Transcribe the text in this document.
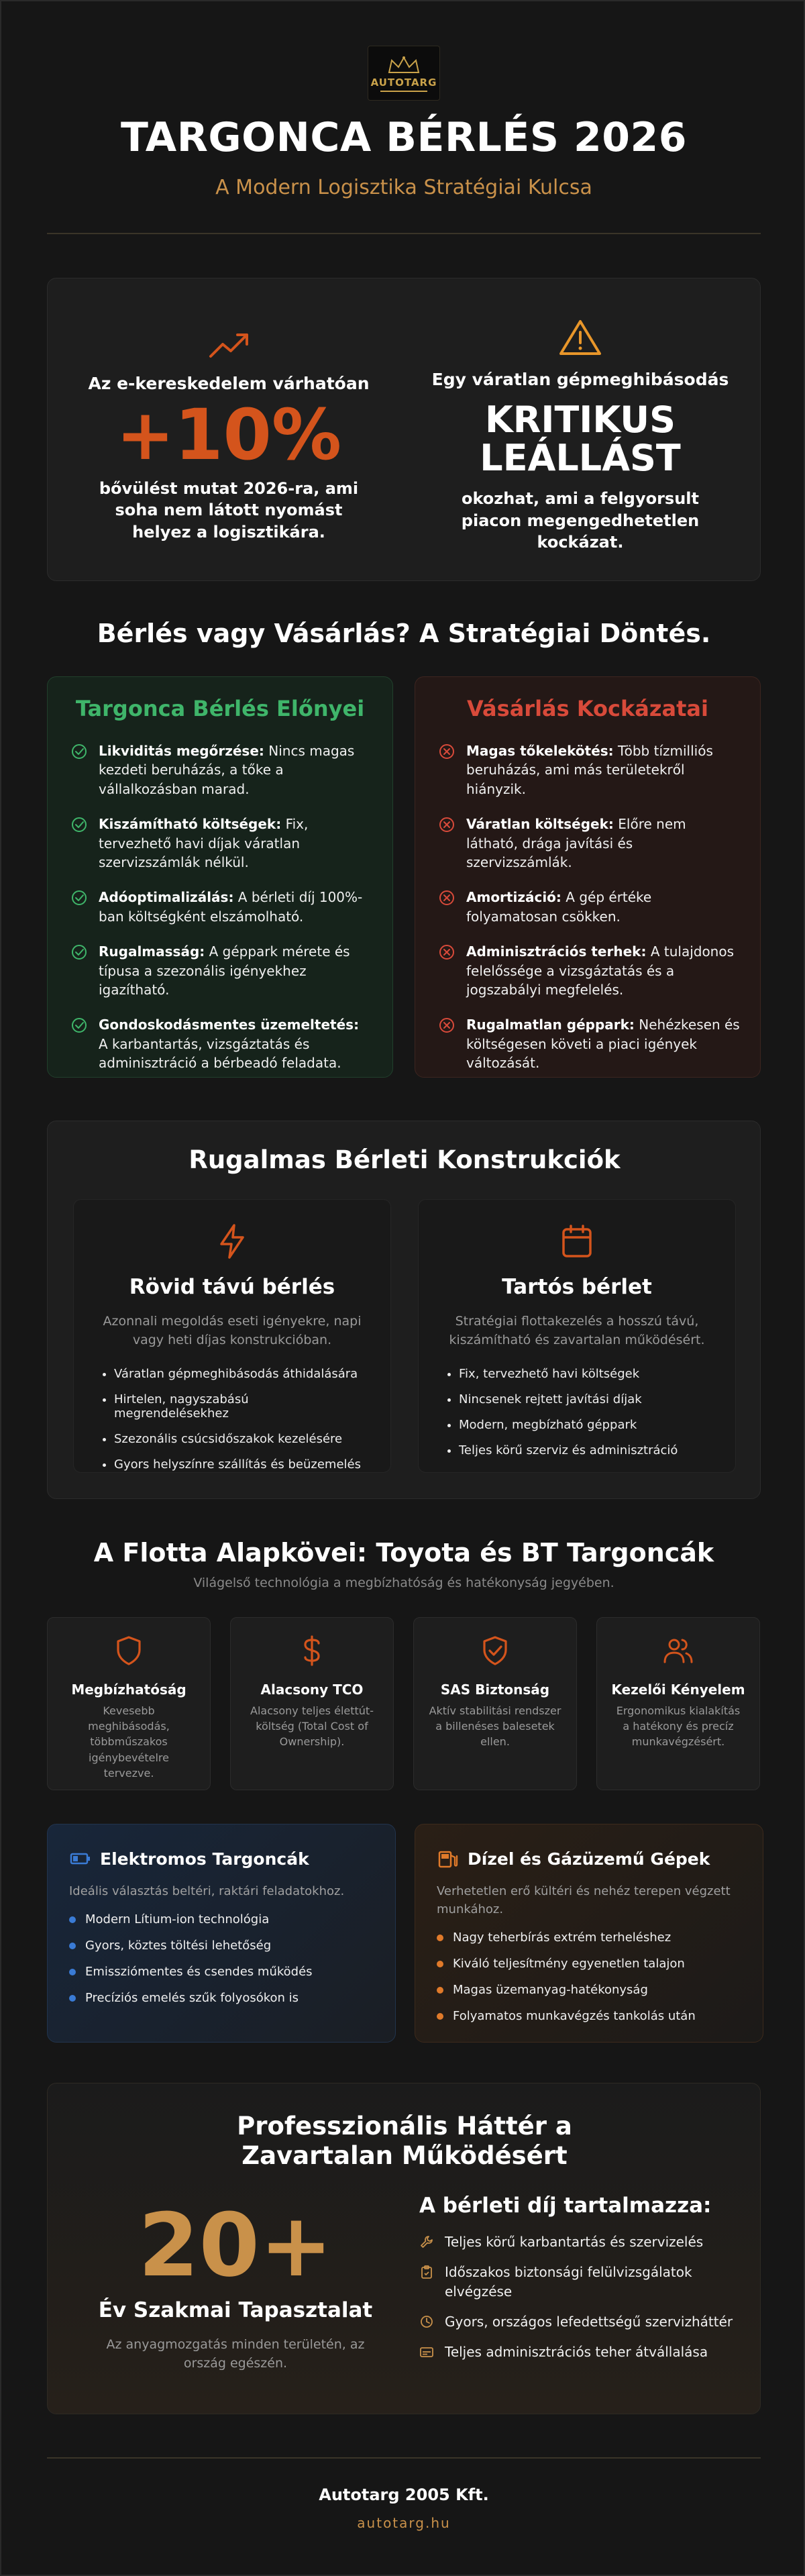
AUTOTARG
TARGONCA BÉRLÉS 2026
A Modern Logisztika Stratégiai Kulcsa
Az e-kereskedelem várhatóan
+10%
bővülést mutat 2026-ra, ami soha nem látott nyomást helyez a logisztikára.
Egy váratlan gépmeghibásodás
KRITIKUS LEÁLLÁST
okozhat, ami a felgyorsult piacon megengedhetetlen kockázat.
Bérlés vagy Vásárlás? A Stratégiai Döntés.
Targonca Bérlés Előnyei
Likviditás megőrzése: Nincs magas kezdeti beruházás, a tőke a vállalkozásban marad.
Kiszámítható költségek: Fix, tervezhető havi díjak váratlan szervizszámlák nélkül.
Adóoptimalizálás: A bérleti díj 100%-ban költségként elszámolható.
Rugalmasság: A géppark mérete és típusa a szezonális igényekhez igazítható.
Gondoskodásmentes üzemeltetés: A karbantartás, vizsgáztatás és adminisztráció a bérbeadó feladata.
Vásárlás Kockázatai
Magas tőkelekötés: Több tízmilliós beruházás, ami más területekről hiányzik.
Váratlan költségek: Előre nem látható, drága javítási és szervizszámlák.
Amortizáció: A gép értéke folyamatosan csökken.
Adminisztrációs terhek: A tulajdonos felelőssége a vizsgáztatás és a jogszabályi megfelelés.
Rugalmatlan géppark: Nehézkesen és költségesen követi a piaci igények változását.
Rugalmas Bérleti Konstrukciók
Rövid távú bérlés
Azonnali megoldás eseti igényekre, napi vagy heti díjas konstrukcióban.
• Váratlan gépmeghibásodás áthidalására
• Hirtelen, nagyszabású megrendelésekhez
• Szezonális csúcsidőszakok kezelésére
• Gyors helyszínre szállítás és beüzemelés
Tartós bérlet
Stratégiai flottakezelés a hosszú távú, kiszámítható és zavartalan működésért.
• Fix, tervezhető havi költségek
• Nincsenek rejtett javítási díjak
• Modern, megbízható géppark
• Teljes körű szerviz és adminisztráció
A Flotta Alapkövei: Toyota és BT Targoncák
Világelső technológia a megbízhatóság és hatékonyság jegyében.
Megbízhatóság

Kevesebb meghibásodás, többműszakos igénybevételre tervezve.

Alacsony TCO

Alacsony teljes élettút-költség (Total Cost of Ownership).

SAS Biztonság

Aktív stabilitási rendszer a billenéses balesetek ellen.

Kezelői Kényelem

Ergonomikus kialakítás a hatékony és precíz munkavégzésért.

Elektromos Targoncák
Ideális választás beltéri, raktári feladatokhoz.
Modern Lítium-ion technológia
Gyors, köztes töltési lehetőség
Emissziómentes és csendes működés
Precíziós emelés szűk folyosókon is
Dízel és Gázüzemű Gépek
Verhetetlen erő kültéri és nehéz terepen végzett munkához.
Nagy teherbírás extrém terheléshez
Kiváló teljesítmény egyenetlen talajon
Magas üzemanyag-hatékonyság
Folyamatos munkavégzés tankolás után
Professzionális Háttér a Zavartalan Működésért
20+
Év Szakmai Tapasztalat
Az anyagmozgatás minden területén, az ország egészén.
A bérleti díj tartalmazza:
Teljes körű karbantartás és szervizelés
Időszakos biztonsági felülvizsgálatok elvégzése
Gyors, országos lefedettségű szervizháttér
Teljes adminisztrációs teher átvállalása
Autotarg 2005 Kft.
autotarg.hu
